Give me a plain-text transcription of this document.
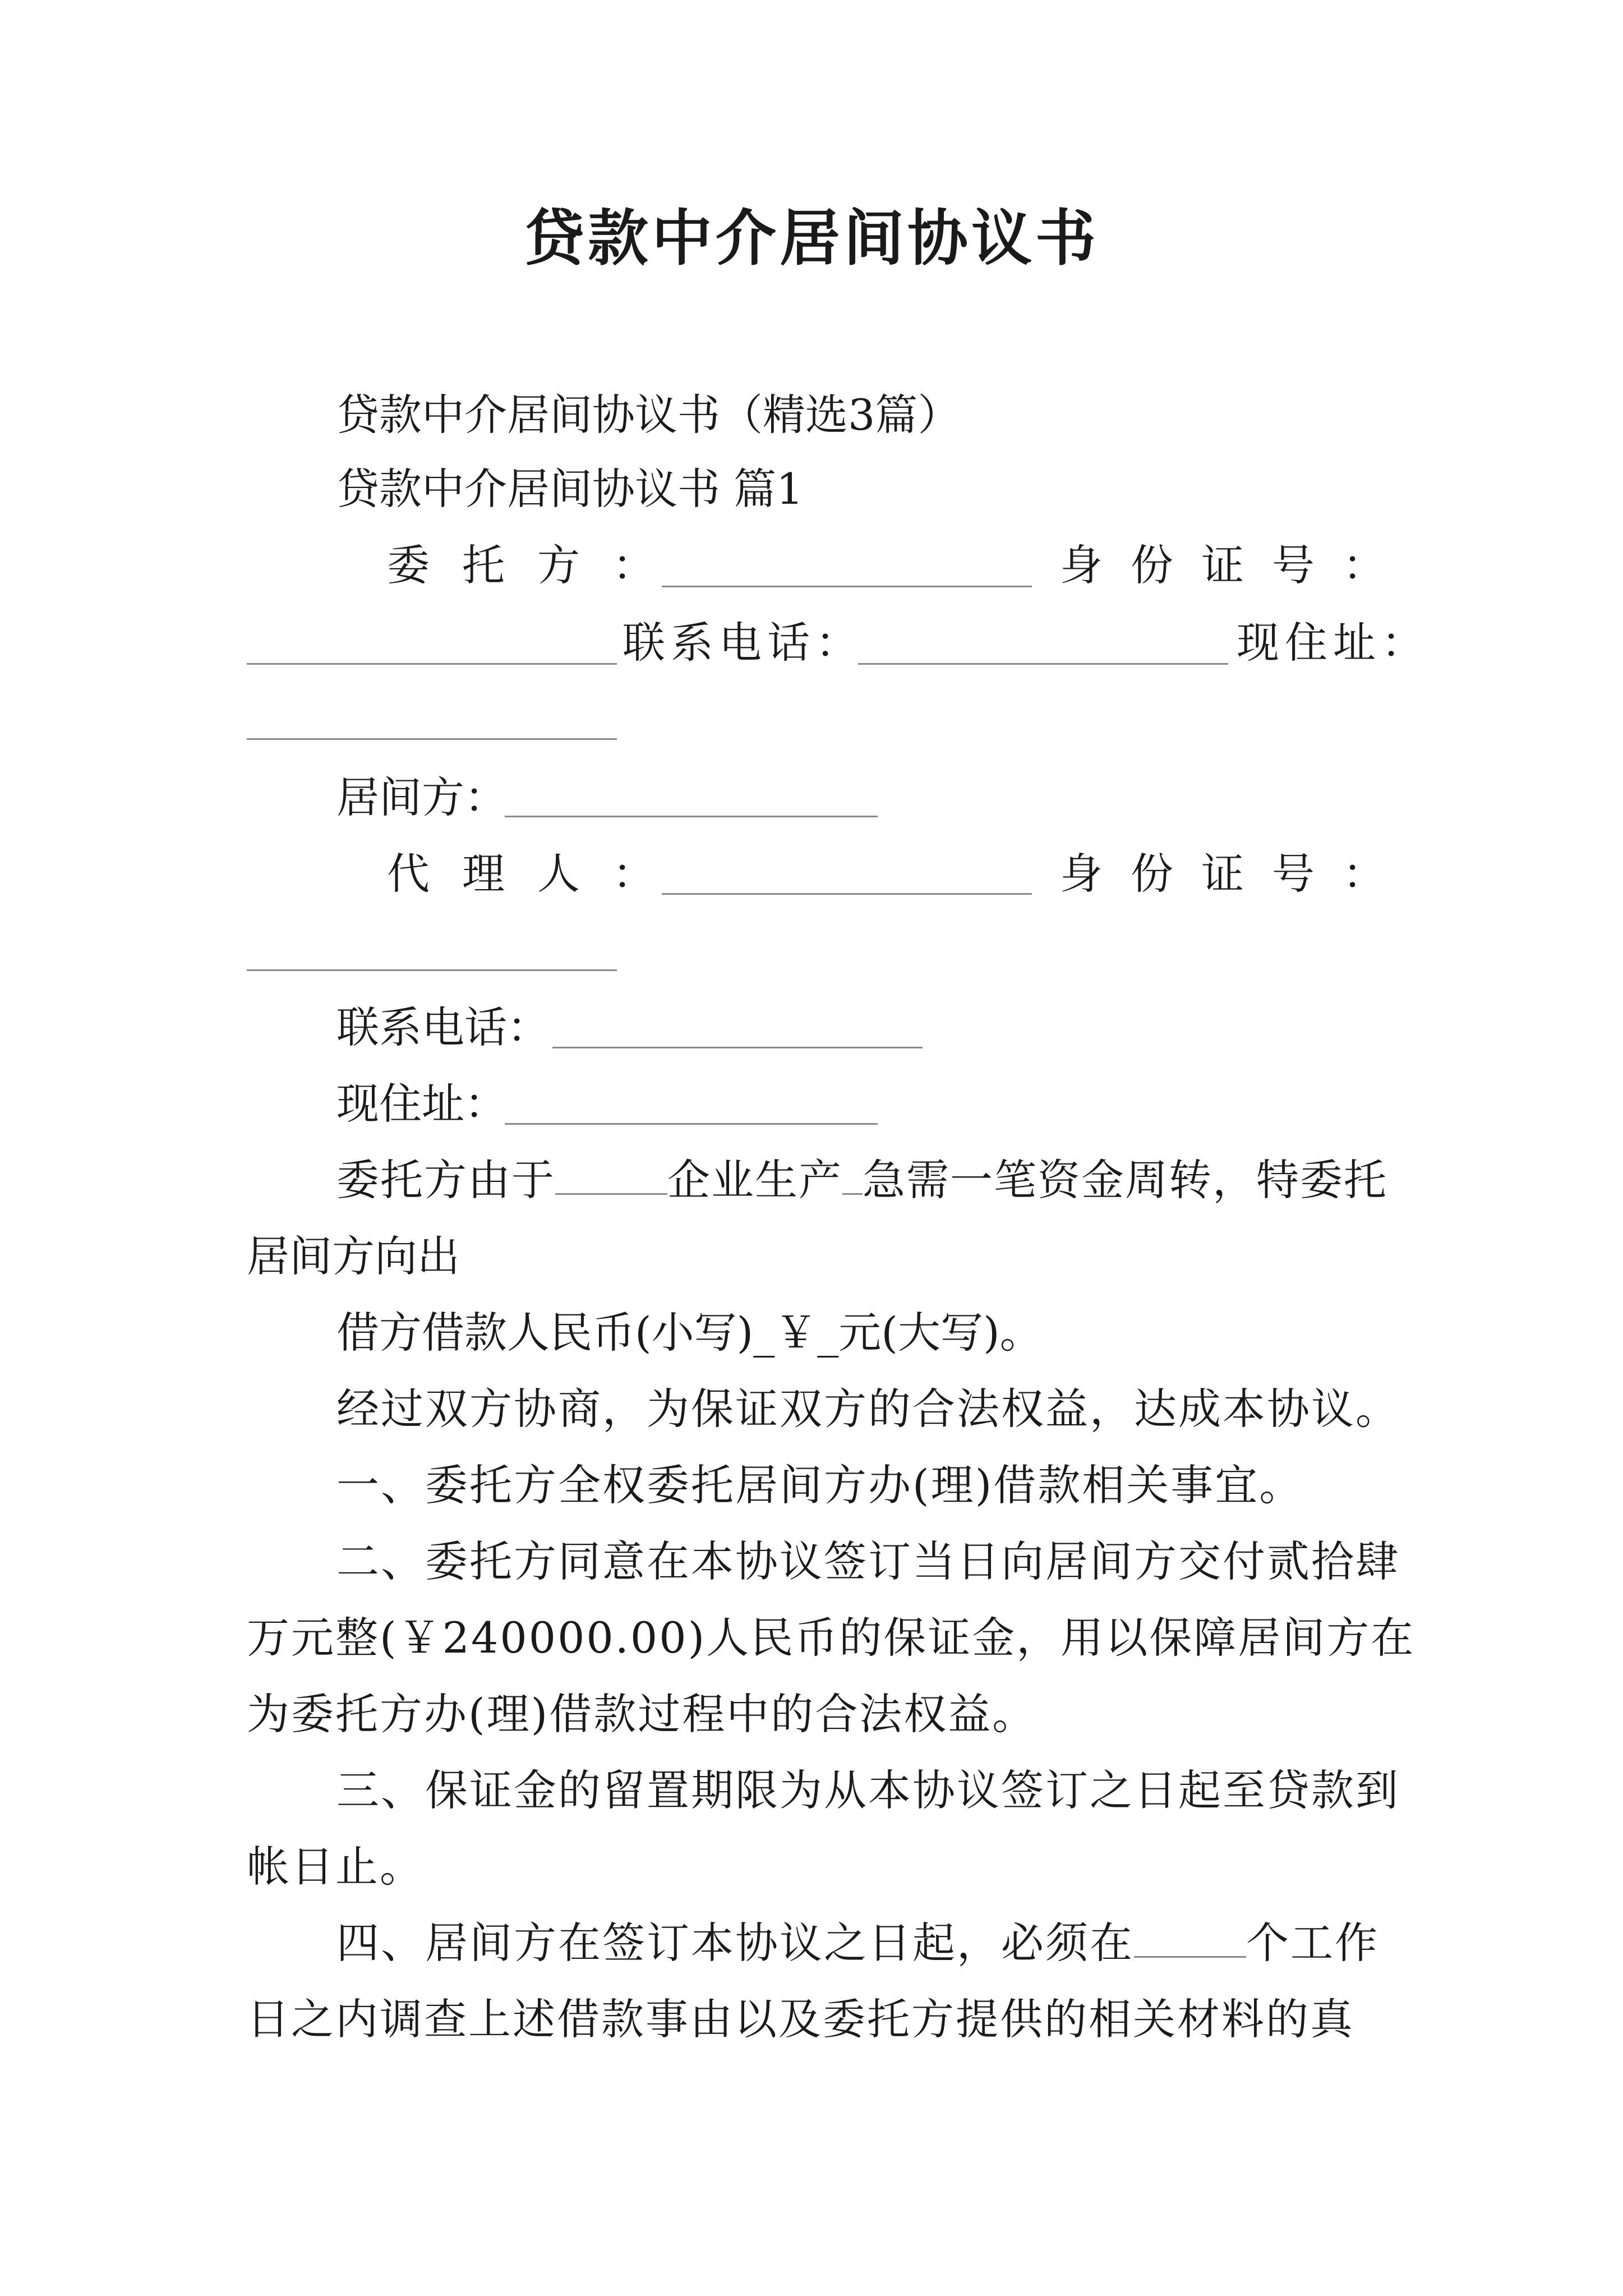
贷款中介居间协议书
贷款中介居间协议书（精选3篇）
贷款中介居间协议书 篇1
委托方：	身份证号：
联系电话：	现住址：
居间方：
代理人：	身份证号：
联系电话：
现住址：
委托方由于	企业生产 急需一笔资金周转，特委托
居间方向出
借方借款人民币(小写)_￥_元(大写)。
经过双方协商，为保证双方的合法权益，达成本协议。
一、委托方全权委托居间方办(理)借款相关事宜。
二、委托方同意在本协议签订当日向居间方交付贰拾肆
万元整(￥240000.00)人民币的保证金，用以保障居间方在
为委托方办(理)借款过程中的合法权益。
三、保证金的留置期限为从本协议签订之日起至贷款到
帐日止。
四、居间方在签订本协议之日起，必须在	个工作
日之内调查上述借款事由以及委托方提供的相关材料的真
